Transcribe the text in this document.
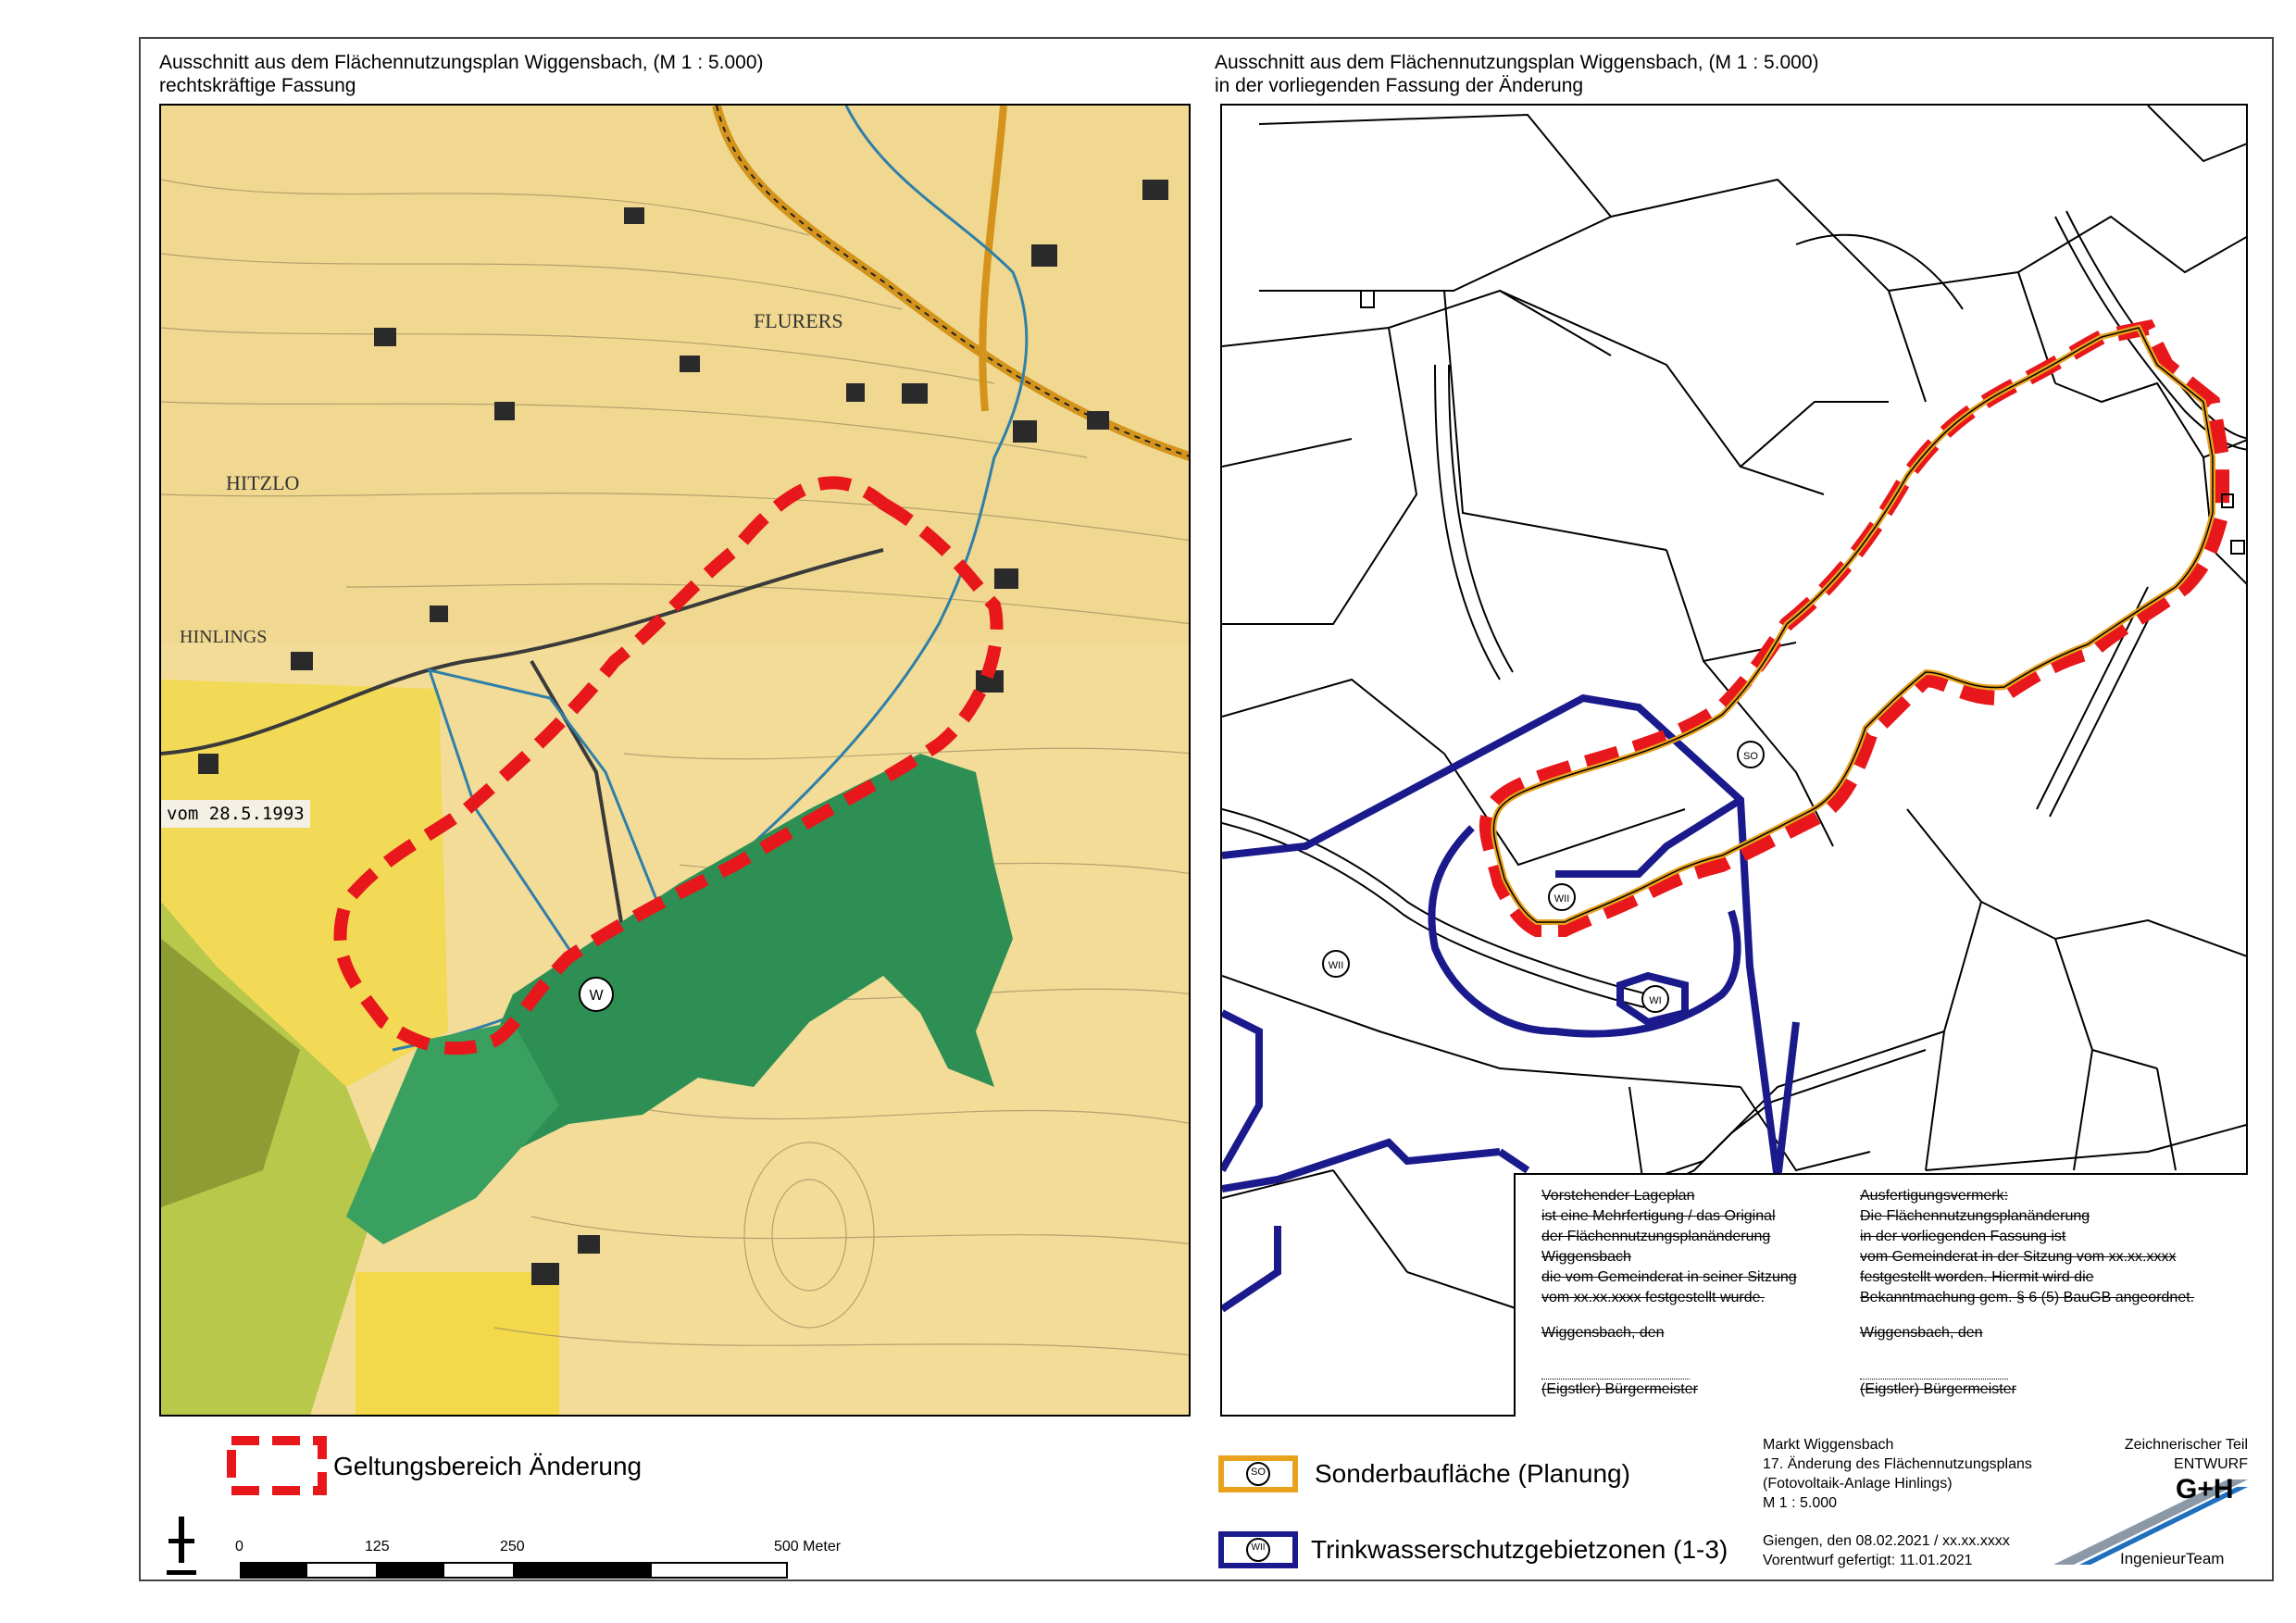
Ausschnitt aus dem Flächennutzungsplan Wiggensbach, (M 1 : 5.000)
rechtskräftige Fassung
Ausschnitt aus dem Flächennutzungsplan Wiggensbach, (M 1 : 5.000)
in der vorliegenden Fassung der Änderung
W
FLURERS
HITZLO
HINLINGS
vom 28.5.1993
SO
WII
WII
WI
Vorstehender Lageplan
ist eine Mehrfertigung / das Original
der Flächennutzungsplanänderung
Wiggensbach
die vom Gemeinderat in seiner Sitzung
vom xx.xx.xxxx festgestellt wurde.
Wiggensbach, den
(Eigstler) Bürgermeister
Ausfertigungsvermerk:
Die Flächennutzungsplanänderung
in der vorliegenden Fassung ist
vom Gemeinderat in der Sitzung vom xx.xx.xxxx
festgestellt worden. Hiermit wird die
Bekanntmachung gem. § 6 (5) BauGB angeordnet.
Wiggensbach, den
(Eigstler) Bürgermeister
Geltungsbereich Änderung
0	125	250	500 Meter
SO Sonderbaufläche (Planung)
WII Trinkwasserschutzgebietzonen (1-3)
Markt Wiggensbach
17. Änderung des Flächennutzungsplans
(Fotovoltaik-Anlage Hinlings)
M 1 : 5.000
Giengen, den 08.02.2021 / xx.xx.xxxx
Vorentwurf gefertigt: 11.01.2021
Zeichnerischer Teil
ENTWURF
G+H
IngenieurTeam
